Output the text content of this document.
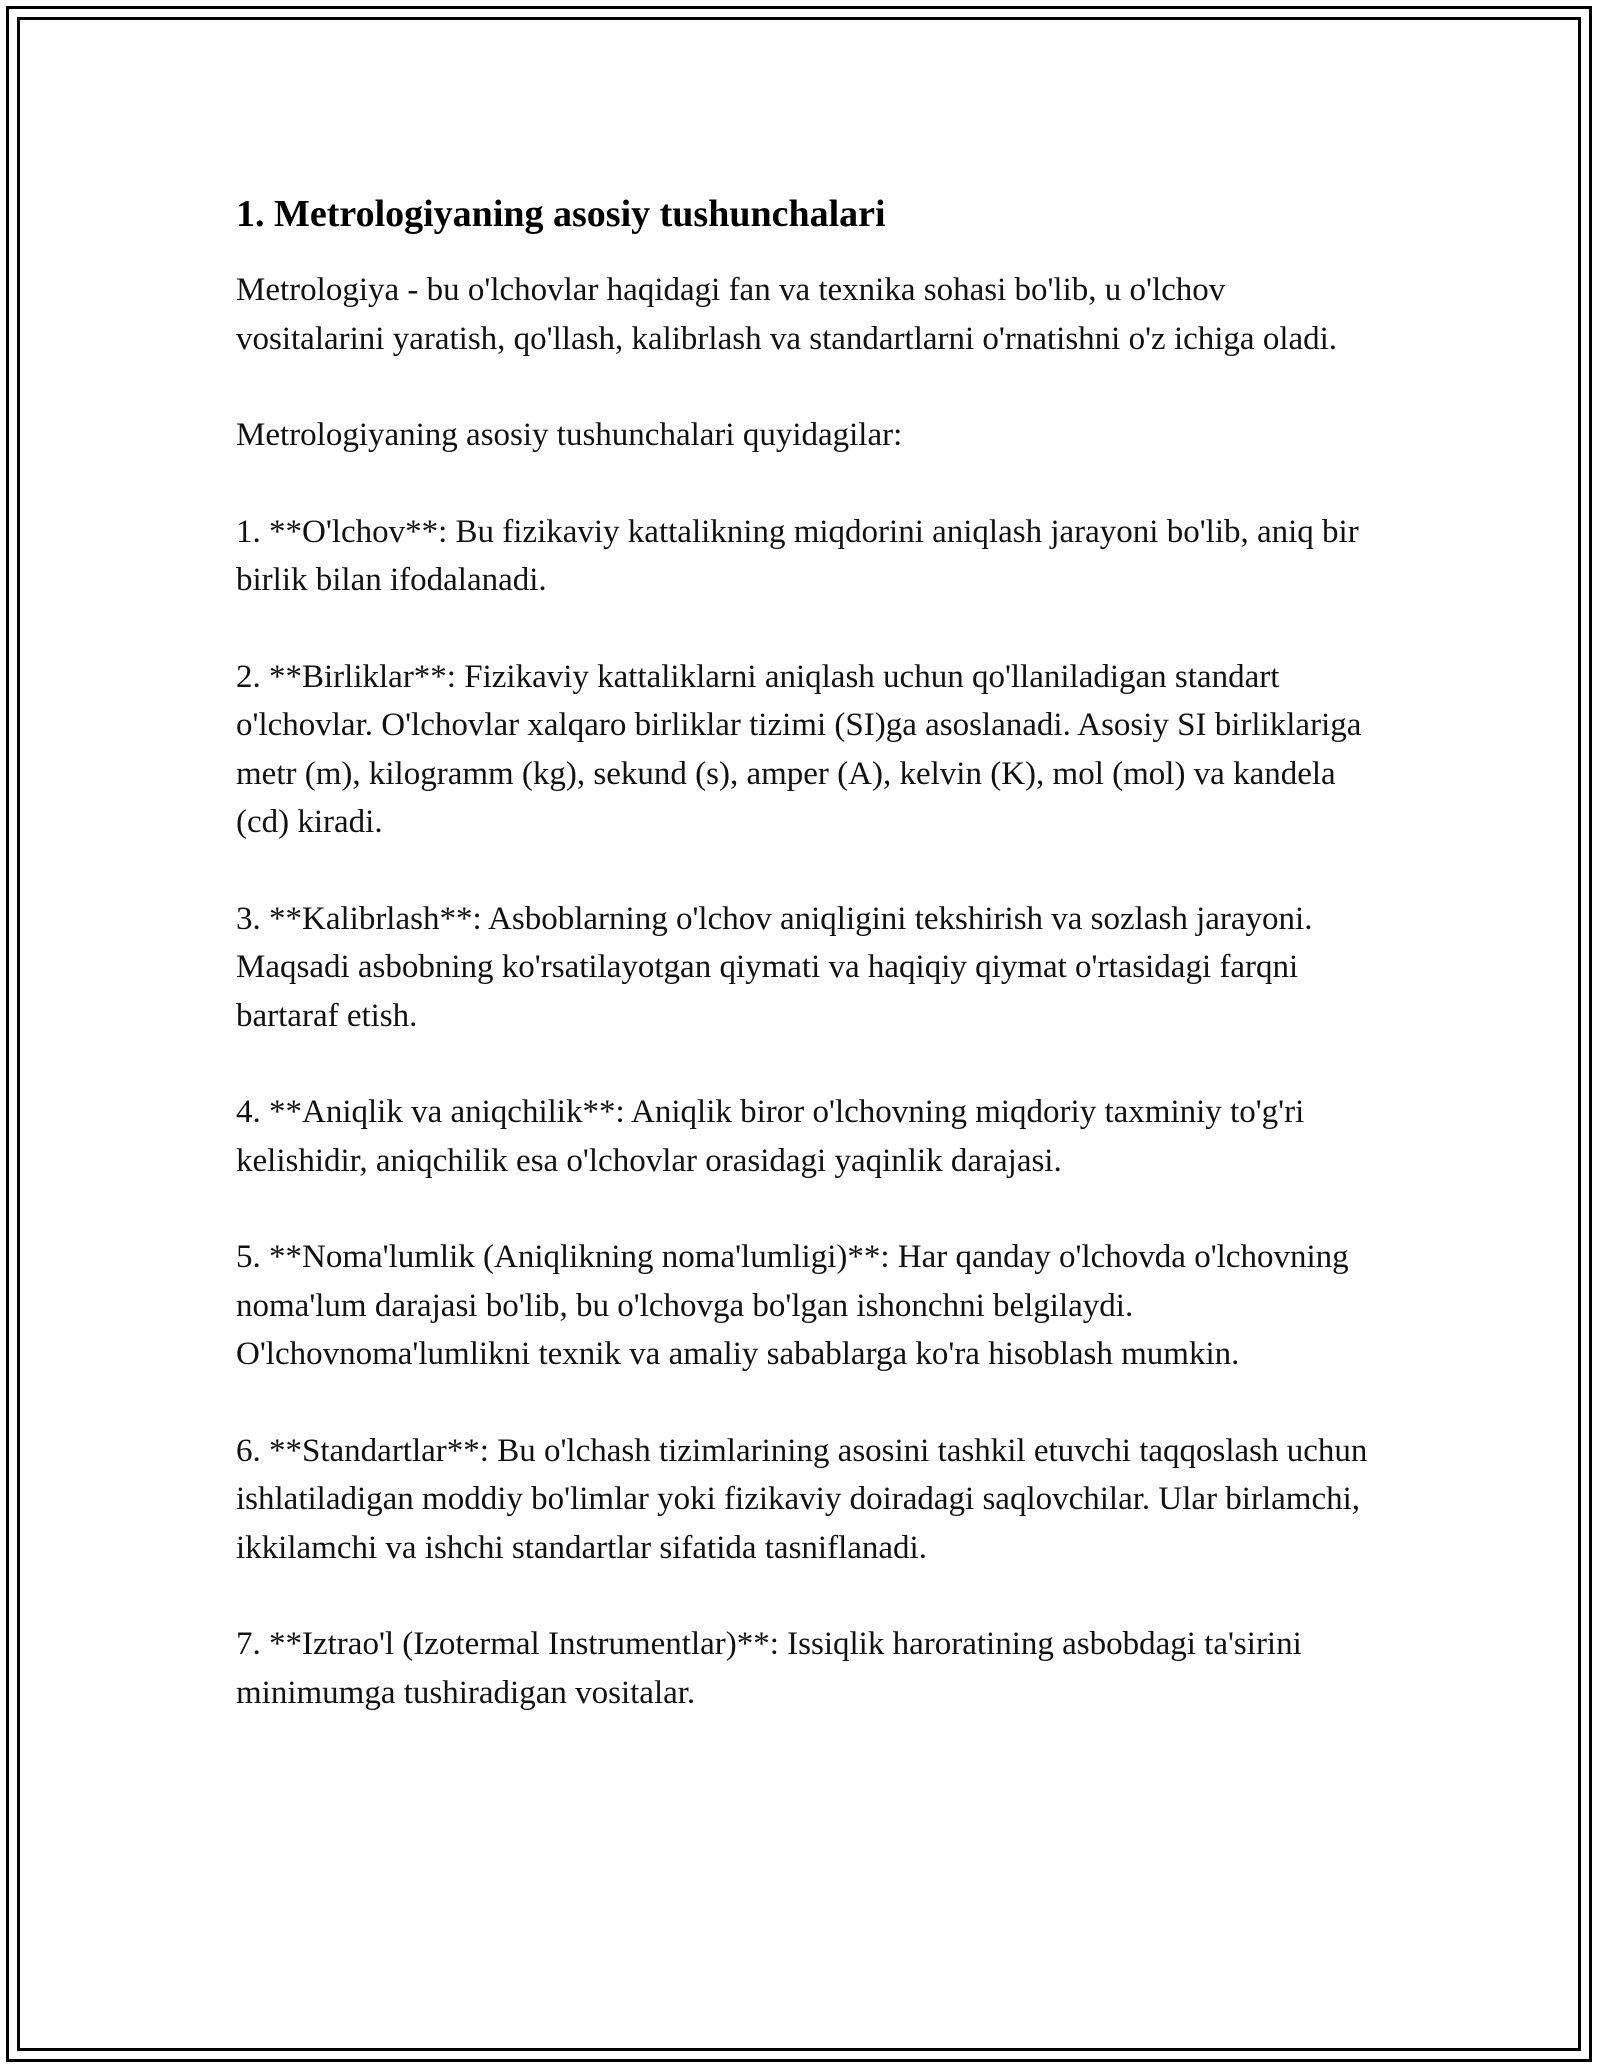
1. Metrologiyaning asosiy tushunchalari

Metrologiya - bu o'lchovlar haqidagi fan va texnika sohasi bo'lib, u o'lchov vositalarini yaratish, qo'llash, kalibrlash va standartlarni o'rnatishni o'z ichiga oladi.

Metrologiyaning asosiy tushunchalari quyidagilar:

1. **O'lchov**: Bu fizikaviy kattalikning miqdorini aniqlash jarayoni bo'lib, aniq bir birlik bilan ifodalanadi.

2. **Birliklar**: Fizikaviy kattaliklarni aniqlash uchun qo'llaniladigan standart o'lchovlar. O'lchovlar xalqaro birliklar tizimi (SI)ga asoslanadi. Asosiy SI birliklariga metr (m), kilogramm (kg), sekund (s), amper (A), kelvin (K), mol (mol) va kandela (cd) kiradi.

3. **Kalibrlash**: Asboblarning o'lchov aniqligini tekshirish va sozlash jarayoni. Maqsadi asbobning ko'rsatilayotgan qiymati va haqiqiy qiymat o'rtasidagi farqni bartaraf etish.

4. **Aniqlik va aniqchilik**: Aniqlik biror o'lchovning miqdoriy taxminiy to'g'ri kelishidir, aniqchilik esa o'lchovlar orasidagi yaqinlik darajasi.

5. **Noma'lumlik (Aniqlikning noma'lumligi)**: Har qanday o'lchovda o'lchovning noma'lum darajasi bo'lib, bu o'lchovga bo'lgan ishonchni belgilaydi. O'lchovnoma'lumlikni texnik va amaliy sabablarga ko'ra hisoblash mumkin.

6. **Standartlar**: Bu o'lchash tizimlarining asosini tashkil etuvchi taqqoslash uchun ishlatiladigan moddiy bo'limlar yoki fizikaviy doiradagi saqlovchilar. Ular birlamchi, ikkilamchi va ishchi standartlar sifatida tasniflanadi.

7. **Iztrao'l (Izotermal Instrumentlar)**: Issiqlik haroratining asbobdagi ta'sirini minimumga tushiradigan vositalar.
